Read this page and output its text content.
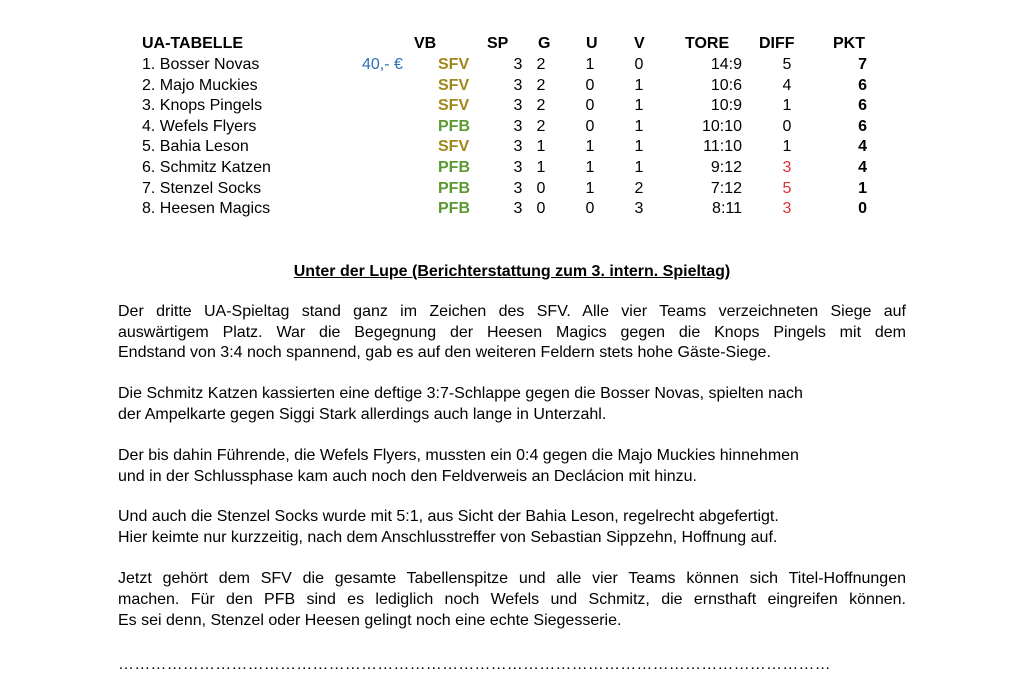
UA-TABELLE	VB	SP G U V	TORE DIFF PKT
1. Bosser Novas	40,- € SFV	3 2	1	0	14:9	5	7
2. Majo Muckies	SFV	3 2	0	1	10:6	4	6
3. Knops Pingels	SFV	3 2	0	1	10:9	1	6
4. Wefels Flyers	PFB	3 2	0	1	10:10	0	6
5. Bahia Leson	SFV	3 1	1	1	11:10	1	4
6. Schmitz Katzen	PFB	3 1	1	1	9:12	3	4
7. Stenzel Socks	PFB	3 0	1	2	7:12	5	1
8. Heesen Magics	PFB	3 0	0	3	8:11	3	0
Unter der Lupe (Berichterstattung zum 3. intern. Spieltag)
Der dritte UA-Spieltag stand ganz im Zeichen des SFV. Alle vier Teams verzeichneten Siege auf
auswärtigem Platz. War die Begegnung der Heesen Magics gegen die Knops Pingels mit dem
Endstand von 3:4 noch spannend, gab es auf den weiteren Feldern stets hohe Gäste-Siege.
Die Schmitz Katzen kassierten eine deftige 3:7-Schlappe gegen die Bosser Novas, spielten nach
der Ampelkarte gegen Siggi Stark allerdings auch lange in Unterzahl.
Der bis dahin Führende, die Wefels Flyers, mussten ein 0:4 gegen die Majo Muckies hinnehmen
und in der Schlussphase kam auch noch den Feldverweis an Declácion mit hinzu.
Und auch die Stenzel Socks wurde mit 5:1, aus Sicht der Bahia Leson, regelrecht abgefertigt.
Hier keimte nur kurzzeitig, nach dem Anschlusstreffer von Sebastian Sippzehn, Hoffnung auf.
Jetzt gehört dem SFV die gesamte Tabellenspitze und alle vier Teams können sich Titel-Hoffnungen
machen. Für den PFB sind es lediglich noch Wefels und Schmitz, die ernsthaft eingreifen können.
Es sei denn, Stenzel oder Heesen gelingt noch eine echte Siegesserie.
……………………………………………………………………………………………………………………
